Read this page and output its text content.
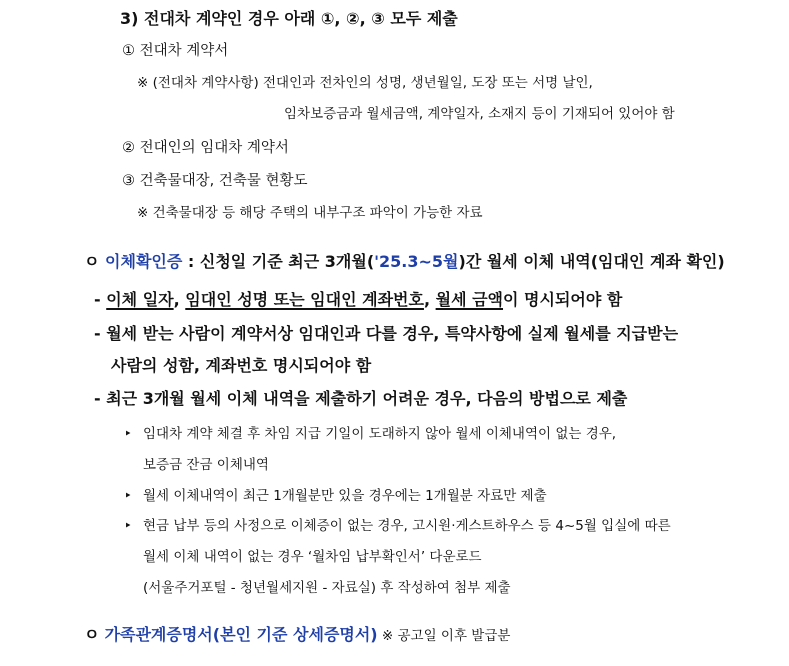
3) 전대차 계약인 경우 아래 ①, ②, ③ 모두 제출
① 전대차 계약서
※ (전대차 계약사항) 전대인과 전차인의 성명, 생년월일, 도장 또는 서명 날인,
임차보증금과 월세금액, 계약일자, 소재지 등이 기재되어 있어야 함
② 전대인의 임대차 계약서
③ 건축물대장, 건축물 현황도
※ 건축물대장 등 해당 주택의 내부구조 파악이 가능한 자료
ㅇ 이체확인증 : 신청일 기준 최근 3개월('25.3~5월)간 월세 이체 내역(임대인 계좌 확인)
- 이체 일자, 임대인 성명 또는 임대인 계좌번호, 월세 금액이 명시되어야 함
- 월세 받는 사람이 계약서상 임대인과 다를 경우, 특약사항에 실제 월세를 지급받는
사람의 성함, 계좌번호 명시되어야 함
- 최근 3개월 월세 이체 내역을 제출하기 어려운 경우, 다음의 방법으로 제출
‣ 임대차 계약 체결 후 차임 지급 기일이 도래하지 않아 월세 이체내역이 없는 경우,
보증금 잔금 이체내역
‣ 월세 이체내역이 최근 1개월분만 있을 경우에는 1개월분 자료만 제출
‣ 현금 납부 등의 사정으로 이체증이 없는 경우, 고시원·게스트하우스 등 4~5월 입실에 따른
월세 이체 내역이 없는 경우 ‘월차임 납부확인서’ 다운로드
(서울주거포털 - 청년월세지원 - 자료실) 후 작성하여 첨부 제출
ㅇ 가족관계증명서(본인 기준 상세증명서) ※ 공고일 이후 발급분
